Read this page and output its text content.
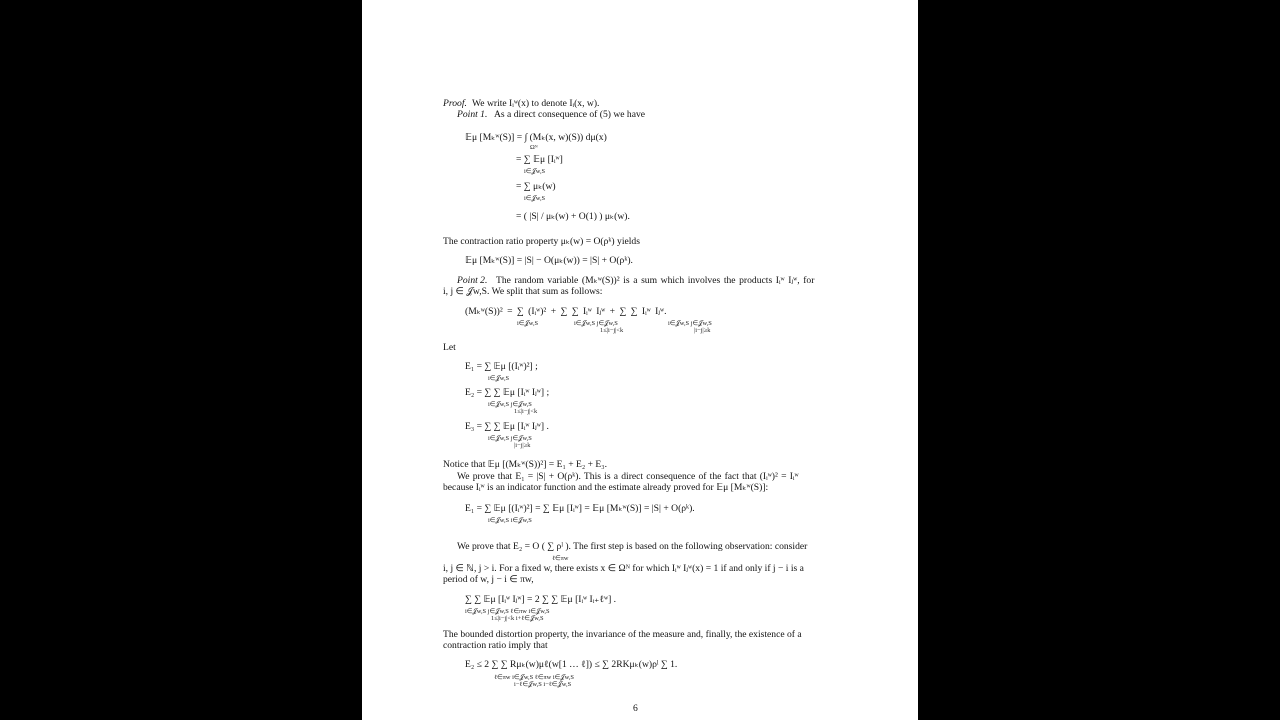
Proof. We write Iᵢʷ(x) to denote Iᵢ(x, w).
Point 1. As a direct consequence of (5) we have
𝔼μ [Mₖʷ(S)] = ∫ (Mₖ(x, w)(S)) dμ(x)
Ωᴺ
= ∑ 𝔼μ [Iᵢʷ]
i∈𝒥w,S
= ∑ μₖ(w)
i∈𝒥w,S
= ( |S| / μₖ(w) + O(1) ) μₖ(w).
The contraction ratio property μₖ(w) = O(ρᵏ) yields
𝔼μ [Mₖʷ(S)] = |S| − O(μₖ(w)) = |S| + O(ρᵏ).
Point 2. The random variable (Mₖʷ(S))² is a sum which involves the products Iᵢʷ Iⱼʷ, for
i, j ∈ 𝒥w,S. We split that sum as follows:
(Mₖʷ(S))² = ∑ (Iᵢʷ)² + ∑ ∑ Iᵢʷ Iⱼʷ + ∑ ∑ Iᵢʷ Iⱼʷ.
i∈𝒥w,S	i∈𝒥w,S j∈𝒥w,S
1≤|i−j|<k
i∈𝒥w,S j∈𝒥w,S
|i−j|≥k
Let
E₁ = ∑ 𝔼μ [(Iᵢʷ)²] ;
i∈𝒥w,S
E₂ = ∑ ∑ 𝔼μ [Iᵢʷ Iⱼʷ] ;
i∈𝒥w,S j∈𝒥w,S
1≤|i−j|<k
E₃ = ∑ ∑ 𝔼μ [Iᵢʷ Iⱼʷ] .
i∈𝒥w,S j∈𝒥w,S
|i−j|≥k
Notice that 𝔼μ [(Mₖʷ(S))²] = E₁ + E₂ + E₃.
We prove that E₁ = |S| + O(ρᵏ). This is a direct consequence of the fact that (Iᵢʷ)² = Iᵢʷ
because Iᵢʷ is an indicator function and the estimate already proved for 𝔼μ [Mₖʷ(S)]:
E₁ = ∑ 𝔼μ [(Iᵢʷ)²] = ∑ 𝔼μ [Iᵢʷ] = 𝔼μ [Mₖʷ(S)] = |S| + O(ρᵏ).
i∈𝒥w,S i∈𝒥w,S
We prove that E₂ = O ( ∑ ρˡ ). The first step is based on the following observation: consider
ℓ∈πw
i, j ∈ ℕ, j > i. For a fixed w, there exists x ∈ Ωᴺ for which Iᵢʷ Iⱼʷ(x) = 1 if and only if j − i is a
period of w, j − i ∈ πw,
∑ ∑ 𝔼μ [Iᵢʷ Iⱼʷ] = 2 ∑ ∑ 𝔼μ [Iᵢʷ Iᵢ₊ℓʷ] .
i∈𝒥w,S j∈𝒥w,S ℓ∈πw i∈𝒥w,S
1≤|i−j|<k i+ℓ∈𝒥w,S
The bounded distortion property, the invariance of the measure and, finally, the existence of a
contraction ratio imply that
E₂ ≤ 2 ∑ ∑ Rμₖ(w)μℓ(w[1 … ℓ]) ≤ ∑ 2RKμₖ(w)ρˡ ∑ 1.
ℓ∈πw i∈𝒥w,S ℓ∈πw i∈𝒥w,S
i−ℓ∈𝒥w,S i−ℓ∈𝒥w,S
6
